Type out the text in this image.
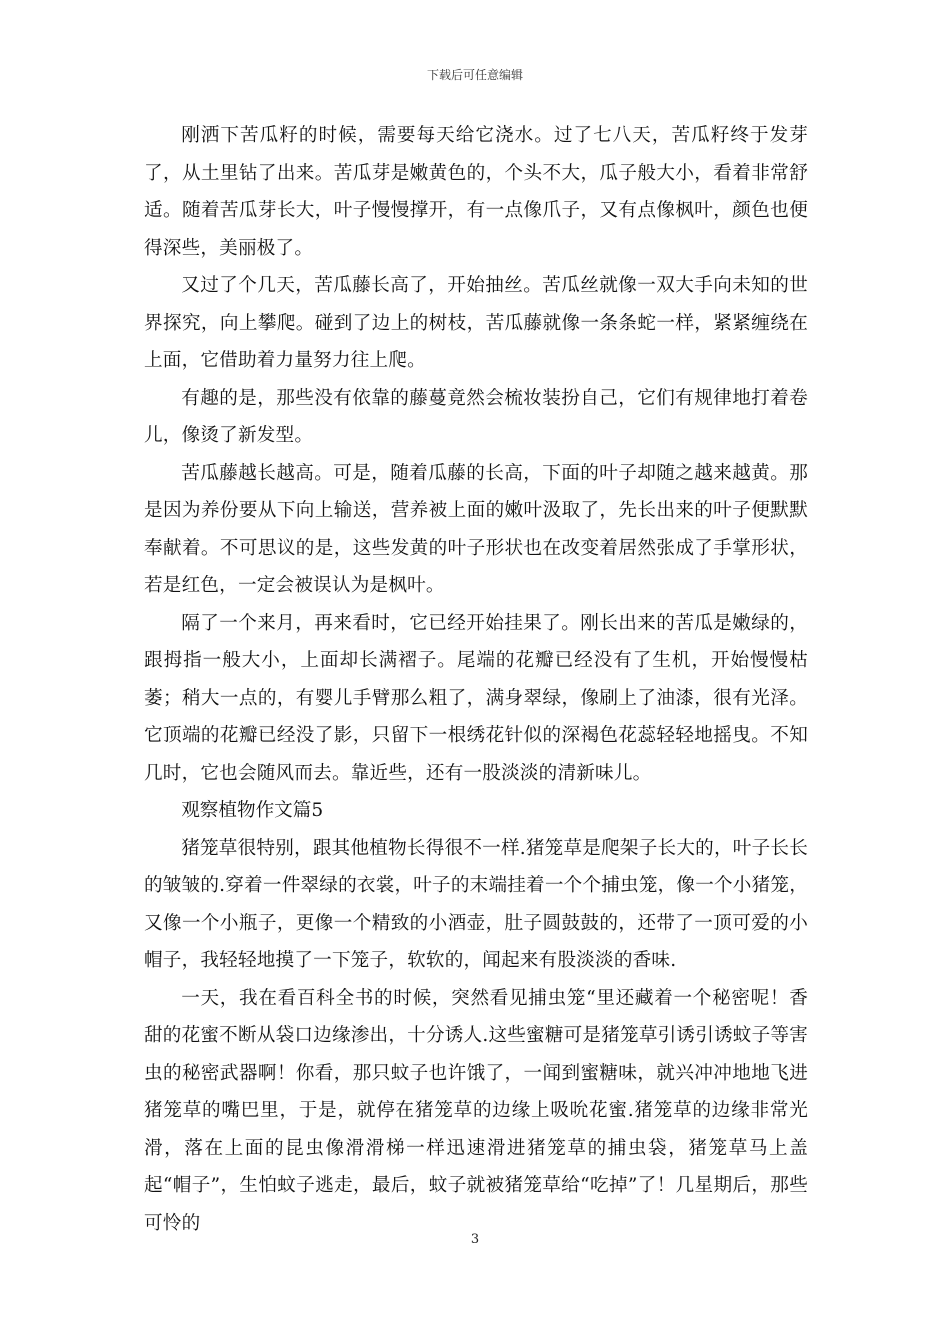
下载后可任意编辑

刚洒下苦瓜籽的时候，需要每天给它浇水。过了七八天，苦瓜籽终于发芽了，从土里钻了出来。苦瓜芽是嫩黄色的，个头不大，瓜子般大小，看着非常舒适。随着苦瓜芽长大，叶子慢慢撑开，有一点像爪子，又有点像枫叶，颜色也便得深些，美丽极了。

又过了个几天，苦瓜藤长高了，开始抽丝。苦瓜丝就像一双大手向未知的世界探究，向上攀爬。碰到了边上的树枝，苦瓜藤就像一条条蛇一样，紧紧缠绕在上面，它借助着力量努力往上爬。

有趣的是，那些没有依靠的藤蔓竟然会梳妆装扮自己，它们有规律地打着卷儿，像烫了新发型。

苦瓜藤越长越高。可是，随着瓜藤的长高，下面的叶子却随之越来越黄。那是因为养份要从下向上输送，营养被上面的嫩叶汲取了，先长出来的叶子便默默奉献着。不可思议的是，这些发黄的叶子形状也在改变着居然张成了手掌形状，若是红色，一定会被误认为是枫叶。

隔了一个来月，再来看时，它已经开始挂果了。刚长出来的苦瓜是嫩绿的，跟拇指一般大小，上面却长满褶子。尾端的花瓣已经没有了生机，开始慢慢枯萎；稍大一点的，有婴儿手臂那么粗了，满身翠绿，像刷上了油漆，很有光泽。它顶端的花瓣已经没了影，只留下一根绣花针似的深褐色花蕊轻轻地摇曳。不知几时，它也会随风而去。靠近些，还有一股淡淡的清新味儿。

观察植物作文篇5

猪笼草很特别，跟其他植物长得很不一样.猪笼草是爬架子长大的，叶子长长的皱皱的.穿着一件翠绿的衣裳，叶子的末端挂着一个个捕虫笼，像一个小猪笼，又像一个小瓶子，更像一个精致的小酒壶，肚子圆鼓鼓的，还带了一顶可爱的小帽子，我轻轻地摸了一下笼子，软软的，闻起来有股淡淡的香味.

一天，我在看百科全书的时候，突然看见捕虫笼“里还藏着一个秘密呢！香甜的花蜜不断从袋口边缘渗出，十分诱人.这些蜜糖可是猪笼草引诱引诱蚊子等害虫的秘密武器啊！你看，那只蚊子也许饿了，一闻到蜜糖味，就兴冲冲地地飞进猪笼草的嘴巴里，于是，就停在猪笼草的边缘上吸吮花蜜.猪笼草的边缘非常光滑，落在上面的昆虫像滑滑梯一样迅速滑进猪笼草的捕虫袋，猪笼草马上盖起“帽子”，生怕蚊子逃走，最后，蚊子就被猪笼草给“吃掉”了！几星期后，那些可怜的

3
